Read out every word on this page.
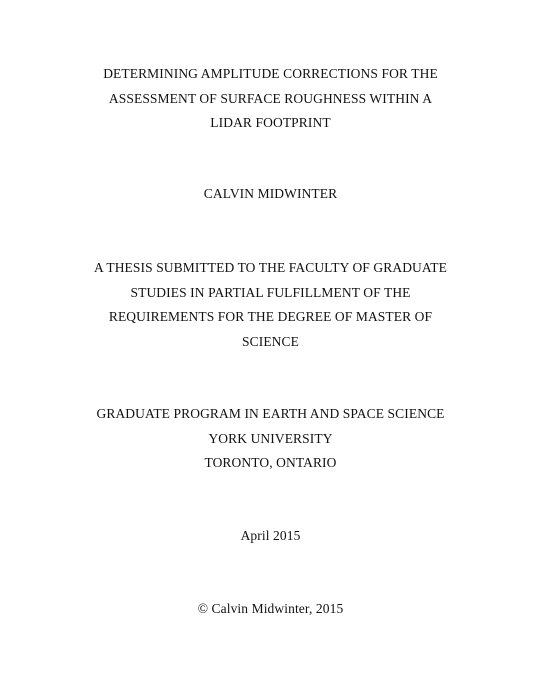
DETERMINING AMPLITUDE CORRECTIONS FOR THE
ASSESSMENT OF SURFACE ROUGHNESS WITHIN A
LIDAR FOOTPRINT
CALVIN MIDWINTER
A THESIS SUBMITTED TO THE FACULTY OF GRADUATE
STUDIES IN PARTIAL FULFILLMENT OF THE
REQUIREMENTS FOR THE DEGREE OF MASTER OF
SCIENCE
GRADUATE PROGRAM IN EARTH AND SPACE SCIENCE
YORK UNIVERSITY
TORONTO, ONTARIO
April 2015
© Calvin Midwinter, 2015
